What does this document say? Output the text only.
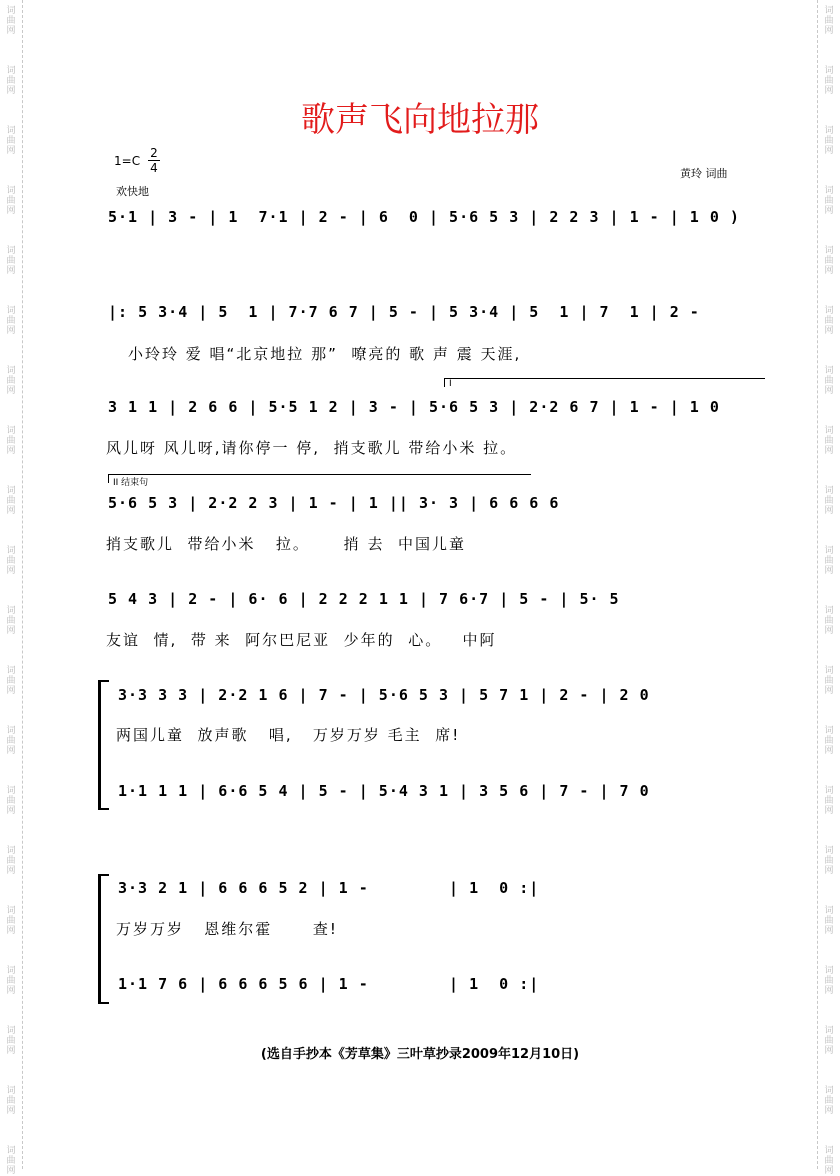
词
曲
网
词
曲
网
词
曲
网
词
曲
网
词
曲
网
词
曲
网
词
曲
网
词
曲
网
词
曲
网
词
曲
网
词
曲
网
词
曲
网
词
曲
网
词
曲
网
词
曲
网
词
曲
网
词
曲
网
词
曲
网
词
曲
网
词
曲
网
词
曲
网
词
曲
网
词
曲
网
词
曲
网
词
曲
网
词
曲
网
词
曲
网
词
曲
网
词
曲
网
词
曲
网
词
曲
网
词
曲
网
词
曲
网
词
曲
网
词
曲
网
词
曲
网
词
曲
网
词
曲
网
词
曲
网
词
曲
网
歌声飞向地拉那
$1=C \frac{2}{4}$
欢快地
黄玲 词曲
5·1 | 3 - | 1  7·1 | 2 - | 6  0 | 5·6 5 3 | 2 2 3 | 1 - | 1 0 )
|: 5 3·4 | 5  1 | 7·7 6 7 | 5 - | 5 3·4 | 5  1 | 7  1 | 2 -
小玲玲 爱 唱“北京地拉 那”  嘹亮的 歌 声 震 天涯,
I
3 1 1 | 2 6 6 | 5·5 1 2 | 3 - | 5·6 5 3 | 2·2 6 7 | 1 - | 1 0
风儿呀 风儿呀,请你停一 停,  捎支歌儿 带给小米 拉。
II 结束句
5·6 5 3 | 2·2 2 3 | 1 - | 1 || 3· 3 | 6 6 6 6
捎支歌儿  带给小米   拉。     捎 去  中国儿童
5 4 3 | 2 - | 6· 6 | 2 2 2 1 1 | 7 6·7 | 5 - | 5· 5
友谊  情,  带 来  阿尔巴尼亚  少年的  心。   中阿
3·3 3 3 | 2·2 1 6 | 7 - | 5·6 5 3 | 5 7 1 | 2 - | 2 0
两国儿童  放声歌   唱,   万岁万岁 毛主  席!
1·1 1 1 | 6·6 5 4 | 5 - | 5·4 3 1 | 3 5 6 | 7 - | 7 0
3·3 2 1 | 6 6 6 5 2 | 1 -        | 1  0 :|
万岁万岁   恩维尔霍      查!
1·1 7 6 | 6 6 6 5 6 | 1 -        | 1  0 :|
(选自手抄本《芳草集》三叶草抄录2009年12月10日)
